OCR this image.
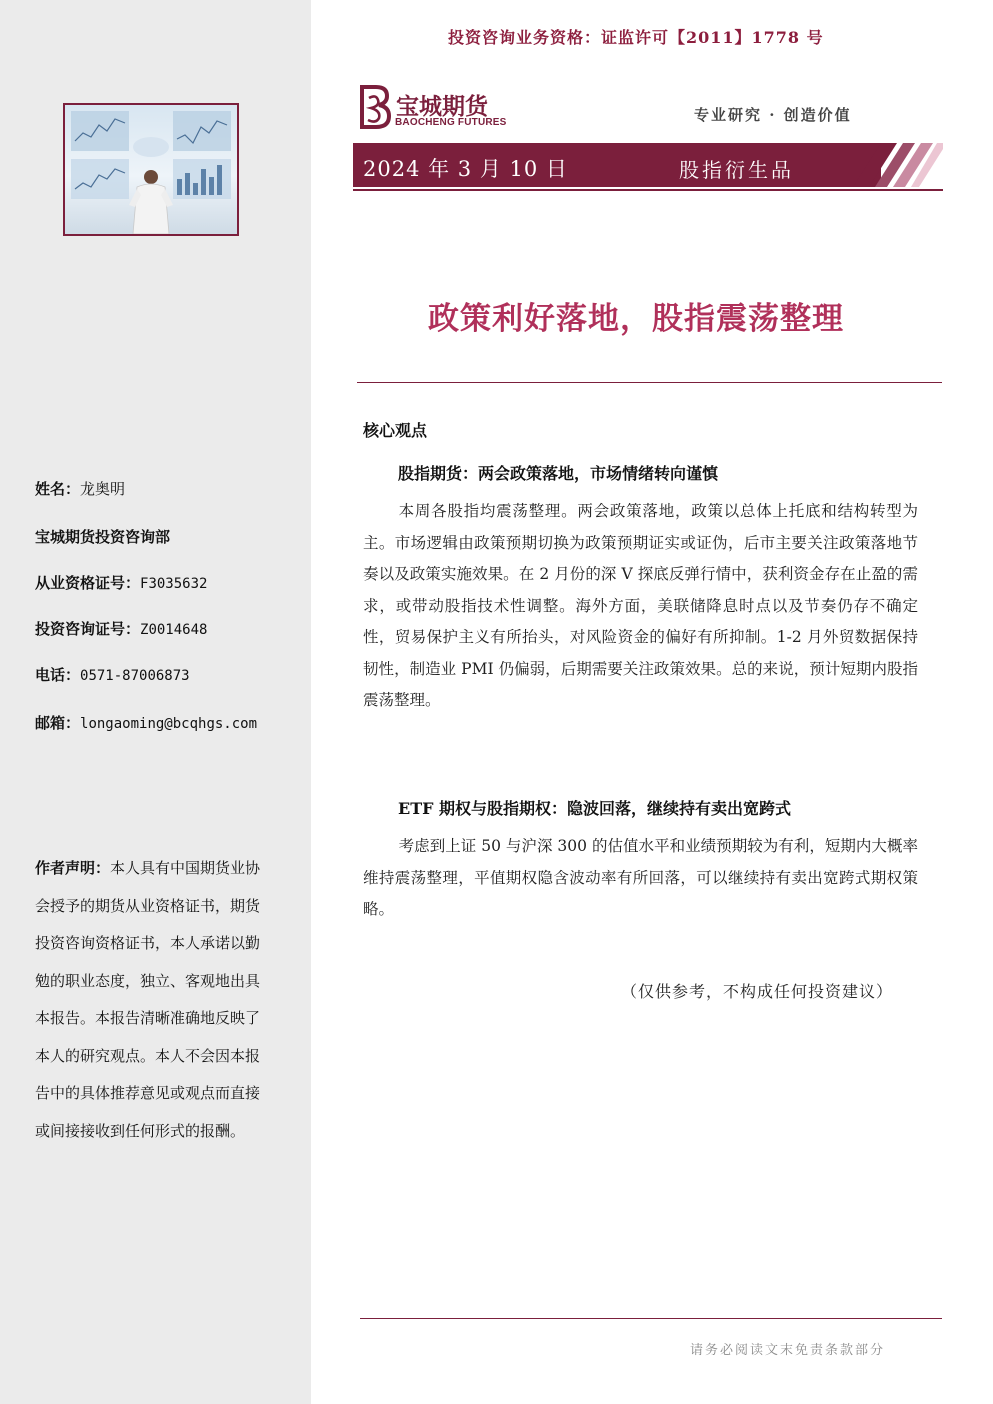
姓名：龙奥明
宝城期货投资咨询部
从业资格证号：F3035632
投资咨询证号：Z0014648
电话：0571-87006873
邮箱：longaoming@bcqhgs.com
作者声明：本人具有中国期货业协会授予的期货从业资格证书，期货投资咨询资格证书，本人承诺以勤勉的职业态度，独立、客观地出具本报告。本报告清晰准确地反映了本人的研究观点。本人不会因本报告中的具体推荐意见或观点而直接或间接接收到任何形式的报酬。
投资咨询业务资格：证监许可【2011】1778 号
宝城期货
BAOCHENG FUTURES	专业研究 · 创造价值
2024 年 3 月 10 日	股指衍生品
政策利好落地，股指震荡整理
核心观点
股指期货：两会政策落地，市场情绪转向谨慎
本周各股指均震荡整理。两会政策落地，政策以总体上托底和结构转型为主。市场逻辑由政策预期切换为政策预期证实或证伪，后市主要关注政策落地节奏以及政策实施效果。在 2 月份的深 V 探底反弹行情中，获利资金存在止盈的需求，或带动股指技术性调整。海外方面，美联储降息时点以及节奏仍存不确定性，贸易保护主义有所抬头，对风险资金的偏好有所抑制。1-2 月外贸数据保持韧性，制造业 PMI 仍偏弱，后期需要关注政策效果。总的来说，预计短期内股指震荡整理。
ETF 期权与股指期权：隐波回落，继续持有卖出宽跨式
考虑到上证 50 与沪深 300 的估值水平和业绩预期较为有利，短期内大概率维持震荡整理，平值期权隐含波动率有所回落，可以继续持有卖出宽跨式期权策略。
（仅供参考，不构成任何投资建议）
请务必阅读文末免责条款部分
